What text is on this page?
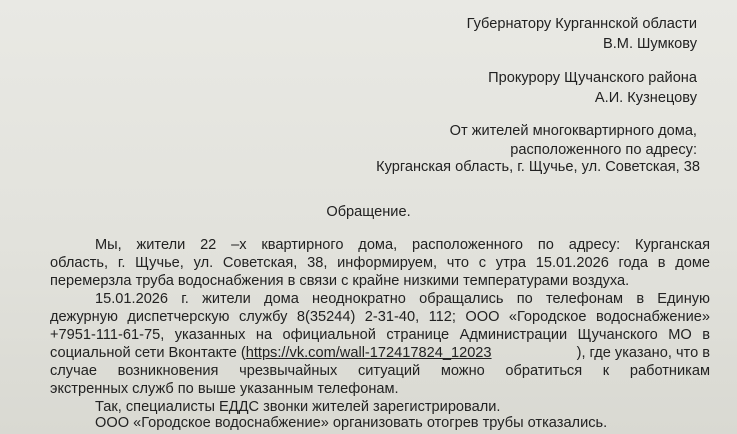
Губернатору Курганнской области
В.М. Шумкову
Прокурору Щучанского района
А.И. Кузнецову
От жителей многоквартирного дома,
расположенного по адресу:
Курганская область, г. Щучье, ул. Советская, 38
Обращение.
Мы, жители 22 –х квартирного дома, расположенного по адресу: Курганская
область, г. Щучье, ул. Советская, 38, информируем, что с утра 15.01.2026 года в доме
перемерзла труба водоснабжения в связи с крайне низкими температурами воздуха.
15.01.2026 г. жители дома неоднократно обращались по телефонам в Единую
дежурную диспетчерскую службу 8(35244) 2-31-40, 112; ООО «Городское водоснабжение»
+7951-111-61-75, указанных на официальной странице Администрации Щучанского МО в
социальной сети Вконтакте (https://vk.com/wall-172417824_12023	), где указано, что в
случае возникновения чрезвычайных ситуаций можно обратиться к работникам
экстренных служб по выше указанным телефонам.
Так, специалисты ЕДДС звонки жителей зарегистрировали.
ООО «Городское водоснабжение» организовать отогрев трубы отказались.
